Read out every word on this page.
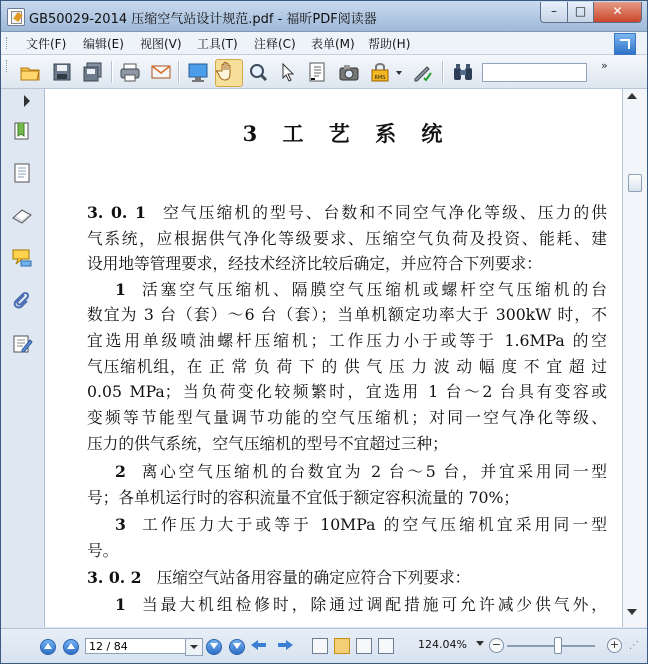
GB50029-2014 压缩空气站设计规范.pdf - 福昕PDF阅读器
–	□	✕
文件(F) 编辑(E) 视图(V) 工具(T) 注释(C) 表单(M) 帮助(H)
RMS
»
3 工 艺 系 统
3. 0. 1 空气压缩机的型号、台数和不同空气净化等级、压力的供
气系统，应根据供气净化等级要求、压缩空气负荷及投资、能耗、建
设用地等管理要求，经技术经济比较后确定，并应符合下列要求：
1 活塞空气压缩机、隔膜空气压缩机或螺杆空气压缩机的台
数宜为 3 台（套）～6 台（套）；当单机额定功率大于 300kW 时，不
宜选用单级喷油螺杆压缩机；工作压力小于或等于 1.6MPa 的空
气压缩机组，在 正 常 负 荷 下 的 供 气 压 力 波 动 幅 度 不 宜 超 过
0.05 MPa；当负荷变化较频繁时，宜选用 1 台～2 台具有变容或
变频等节能型气量调节功能的空气压缩机；对同一空气净化等级、
压力的供气系统，空气压缩机的型号不宜超过三种；
2 离心空气压缩机的台数宜为 2 台～5 台，并宜采用同一型
号；各单机运行时的容积流量不宜低于额定容积流量的 70%；
3 工作压力大于或等于 10MPa 的空气压缩机宜采用同一型
号。
3. 0. 2 压缩空气站备用容量的确定应符合下列要求：
1 当最大机组检修时，除通过调配措施可允许减少供气外，
12 / 84	124.04% −	+ ⋰
